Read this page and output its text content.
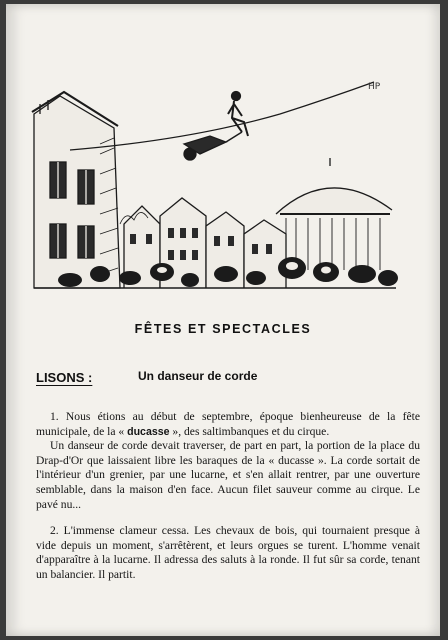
HP
FÊTES ET SPECTACLES
LISONS :	Un danseur de corde

1. Nous étions au début de septembre, époque bienheureuse de la fête municipale, de la « ducasse », des saltimbanques et du cirque.

Un danseur de corde devait traverser, de part en part, la portion de la place du Drap-d'Or que laissaient libre les baraques de la « ducasse ». La corde sortait de l'intérieur d'un grenier, par une lucarne, et s'en allait rentrer, par une ouverture semblable, dans la maison d'en face. Aucun filet sauveur comme au cirque. Le pavé nu...

2. L'immense clameur cessa. Les chevaux de bois, qui tournaient presque à vide depuis un moment, s'arrêtèrent, et leurs orgues se turent. L'homme venait d'apparaître à la lucarne. Il adressa des saluts à la ronde. Il fut sûr sa corde, tenant un balancier. Il partit.
